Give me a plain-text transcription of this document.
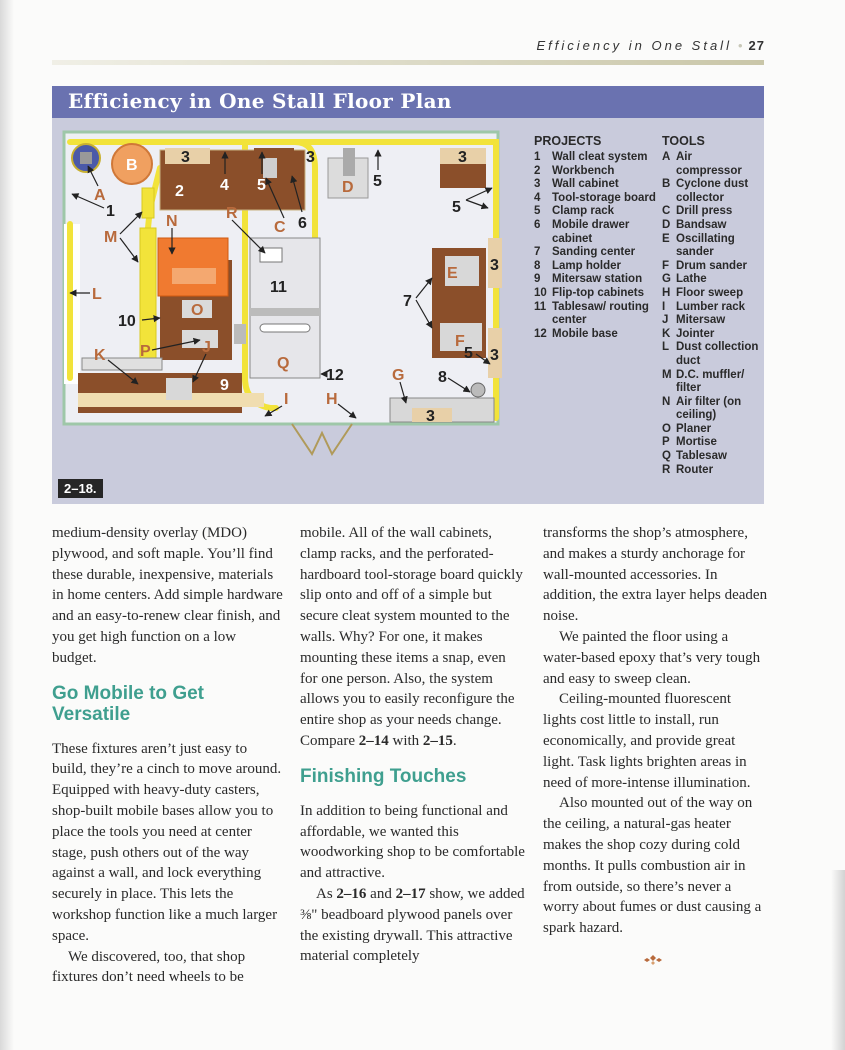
Efficiency in One Stall • 27
Efficiency in One Stall Floor Plan
A
B
C
D
E
F
G
H
I
J
K
L
M
N
O
P
Q
R
1
2
3	3	3
3
3
3
4 5	5
5
5
6
7
8
9
10
11
12
PROJECTS
1	Wall cleat system
2	Workbench
3	Wall cabinet
4	Tool-storage board
5	Clamp rack
6	Mobile drawer cabinet
7	Sanding center
8	Lamp holder
9	Mitersaw station
10 Flip-top cabinets
11 Tablesaw/ routing center
12 Mobile base
TOOLS
A Air compressor
B Cyclone dust collector
C Drill press
D Bandsaw
E Oscillating sander
F Drum sander
G Lathe
H Floor sweep
I Lumber rack
J Mitersaw
K Jointer
L Dust collection duct
M D.C. muffler/ filter
N Air filter (on ceiling)
O Planer
P Mortise
Q Tablesaw
R Router
2–18.

medium-density overlay (MDO) plywood, and soft maple. You’ll find these durable, inexpensive, materials in home centers. Add simple hardware and an easy-to-renew clear finish, and you get high function on a low budget.

Go Mobile to Get Versatile

These fixtures aren’t just easy to build, they’re a cinch to move around. Equipped with heavy-duty casters, shop-built mobile bases allow you to place the tools you need at center stage, push others out of the way against a wall, and lock everything securely in place. This lets the workshop function like a much larger space.

We discovered, too, that shop fixtures don’t need wheels to be

mobile. All of the wall cabinets, clamp racks, and the perforated-hardboard tool-storage board quickly slip onto and off of a simple but secure cleat system mounted to the walls. Why? For one, it makes mounting these items a snap, even for one person. Also, the system allows you to easily reconfigure the entire shop as your needs change. Compare 2–14 with 2–15.

Finishing Touches

In addition to being functional and affordable, we wanted this woodworking shop to be comfortable and attractive.

As 2–16 and 2–17 show, we added ⅜" beadboard plywood panels over the existing drywall. This attractive material completely

transforms the shop’s atmosphere, and makes a sturdy anchorage for wall-mounted accessories. In addition, the extra layer helps deaden noise.

We painted the floor using a water-based epoxy that’s very tough and easy to sweep clean.

Ceiling-mounted fluorescent lights cost little to install, run economically, and provide great light. Task lights brighten areas in need of more-intense illumination.

Also mounted out of the way on the ceiling, a natural-gas heater makes the shop cozy during cold months. It pulls combustion air in from outside, so there’s never a worry about fumes or dust causing a spark hazard.
